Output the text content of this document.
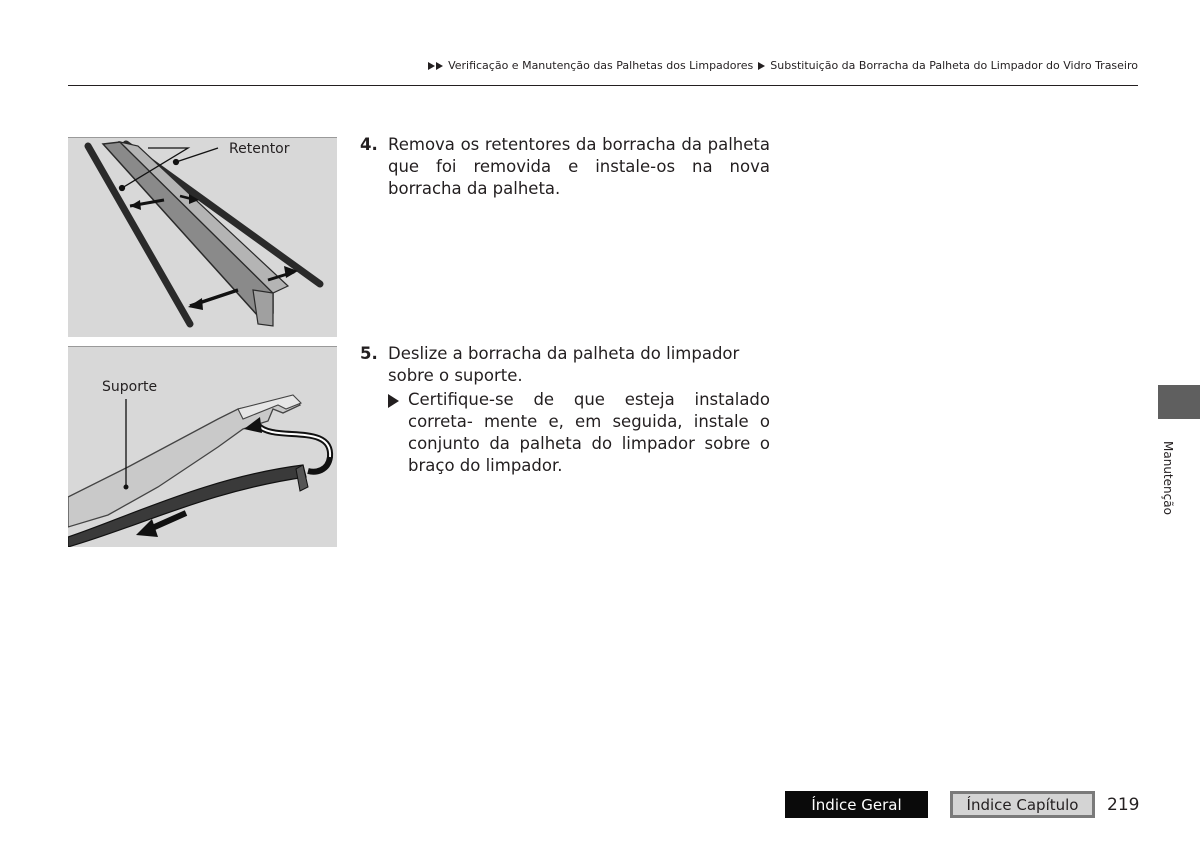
Verificação e Manutenção das Palhetas dos Limpadores Substituição da Borracha da Palheta do Limpador do Vidro Traseiro
Retentor
Suporte
4. Remova os retentores da borracha da palheta que foi removida e instale-os na nova borracha da palheta.
5. Deslize a borracha da palheta do limpador sobre o suporte.
Certifique-se de que esteja instalado correta- mente e, em seguida, instale o conjunto da palheta do limpador sobre o braço do limpador.	Manutenção
Índice Geral	Índice Capítulo	219
